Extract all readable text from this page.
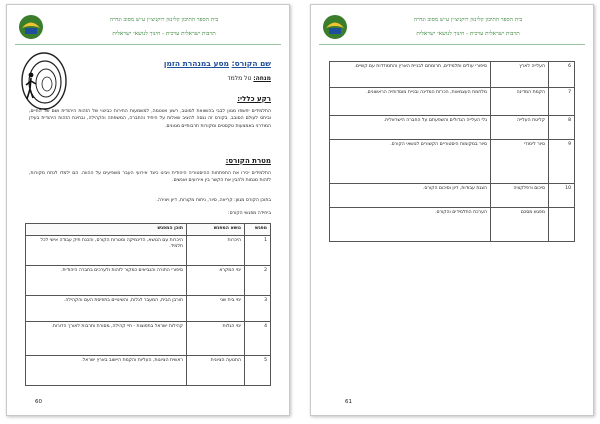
בית הספר התיכון קלינזון רוקניצ׳ין ע״ש מסוב וגדרה
תרבות ישראלית ערכית - חינוך לנושאי ישראלית
שם הקורס: מסע במנהרת הזמן
מנחה: טל מלמד
רקע כללי:
התלמידים יחשפו מגוון לבבי בהשוואת למוטב, רשע ואוטמה, למשמעות החירות כביטוי של הזהות היהודית ושם של החיים, וביחס לעולם הסובב. בקורס זה ננסה להציב שאלות על היחיד והחברה, המשפחה והקהילה, ובחינת הזהות היהודית בעידן המודרני באמצעות טקסטים ומקורות תרבותיים מגוונים.
מטרת הקורס:
התלמידים יכירו את התפתחות ההיסטוריה היהודית ויבינו כיצד אירועי העבר משפיעים על ההווה. הם ילמדו לנתח מקורות, לזהות מגמות ולהבין את הקשר בין אירועים ואנשים.
בתוכן הקורס מגוון: קריאה, סיור, ניתוח מקורות, דיון ויצירה.
ביחידה מפגשי הקורס:
מפגש	נושא המפגש	תוכן המפגש
1	היכרות	היכרות עם הנושא, הדינמיקה ומטרות הקורס, והכנת תיק עבודה אישי לכל תלמיד.
2	ימי המקרא	סיפורי התורה והנביאים כמקור לזהות ולערכים בחברה היהודית.
3	ימי בית שני	חורבן הבית, המעבר לגלות, והשינויים בתפיסת העם והקהילה.
4	ימי הגלות	קהילות ישראל בתפוצות - חיי קהילה, מסורת ותרבות לאורך הדורות.
5	התנועה הציונית	ראשית הציונות, העליות והקמת היישוב בארץ ישראל.
60
בית הספר התיכון קלינזון רוקניצ׳ין ע״ש מסוב וגדרה
תרבות ישראלית ערכית - חינוך לנושאי ישראלית
6	העלייה לארץ	סיפורי עולים ותלמידים, תרומתם לבניית הארץ והתמודדות עם קשיים.
7	הקמת המדינה	מלחמת העצמאות, הכרזת המדינה ובניית מוסדותיה הראשונים.
8	קליטת העלייה	גלי העלייה הגדולים והשפעתם על החברה הישראלית.
9	סיור לימודי	סיור במקומות היסטוריים הקשורים לנושאי הקורס.
10	סיכום ורפלקציה	הצגת עבודות, דיון וסיכום הקורס.
	מפגש מסכם	הערכת התלמידים והקורס.
61
